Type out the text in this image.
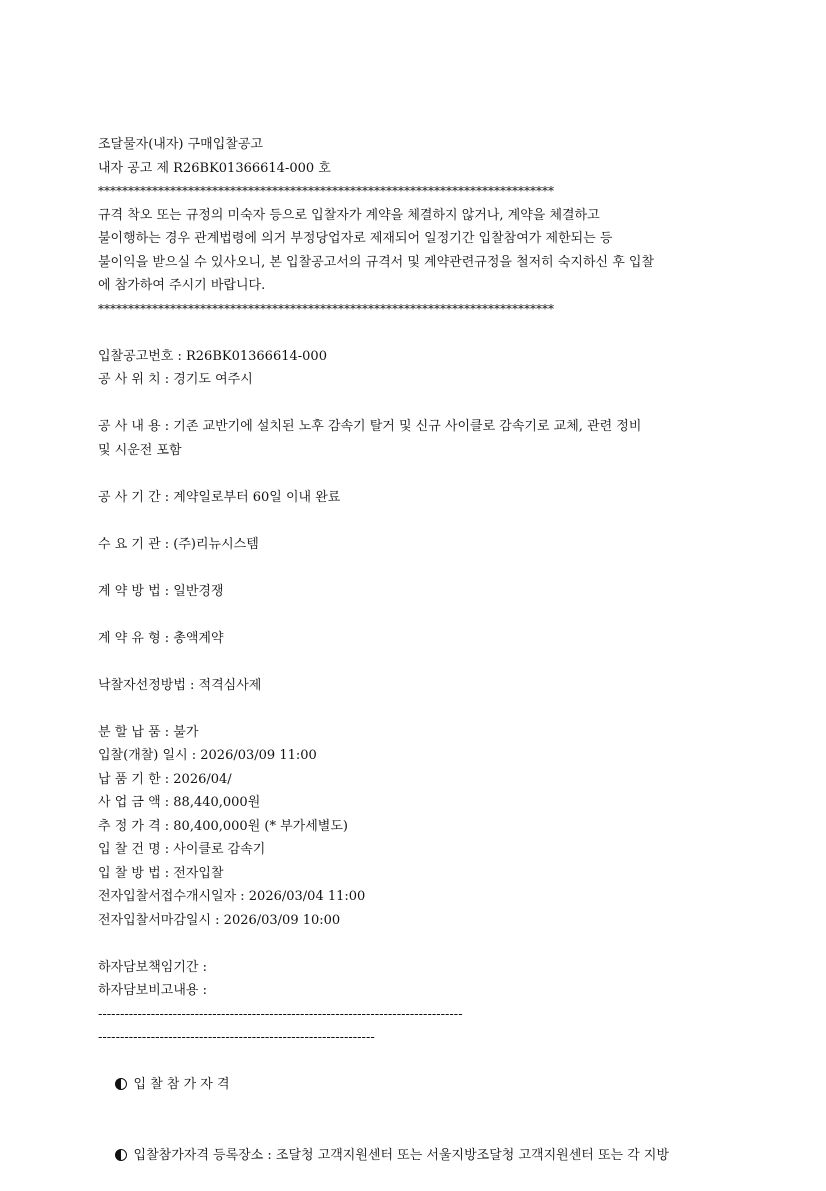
조달물자(내자) 구매입찰공고
내자 공고 제 R26BK01366614-000 호
****************************************************************************
규격 착오 또는 규정의 미숙자 등으로 입찰자가 계약을 체결하지 않거나, 계약을 체결하고
불이행하는 경우 관계법령에 의거 부정당업자로 제재되어 일정기간 입찰참여가 제한되는 등
불이익을 받으실 수 있사오니, 본 입찰공고서의 규격서 및 계약관련규정을 철저히 숙지하신 후 입찰
에 참가하여 주시기 바랍니다.
****************************************************************************
입찰공고번호 : R26BK01366614-000
공 사 위 치 : 경기도 여주시
공 사 내 용 : 기존 교반기에 설치된 노후 감속기 탈거 및 신규 사이클로 감속기로 교체, 관련 정비
및 시운전 포함
공 사 기 간 : 계약일로부터 60일 이내 완료
수 요 기 관 : (주)리뉴시스템
계 약 방 법 : 일반경쟁
계 약 유 형 : 총액계약
낙찰자선정방법 : 적격심사제
분 할 납 품 : 불가
입찰(개찰) 일시 : 2026/03/09 11:00
납 품 기 한 : 2026/04/
사 업 금 액 : 88,440,000원
추 정 가 격 : 80,400,000원 (* 부가세별도)
입 찰 건 명 : 사이클로 감속기
입 찰 방 법 : 전자입찰
전자입찰서접수개시일자 : 2026/03/04 11:00
전자입찰서마감일시 : 2026/03/09 10:00
하자담보책임기간 :
하자담보비고내용 :
-----------------------------------------------------------------------------------
---------------------------------------------------------------

입 찰 참 가 자 격

입찰참가자격 등록장소 : 조달청 고객지원센터 또는 서울지방조달청 고객지원센터 또는 각 지방
